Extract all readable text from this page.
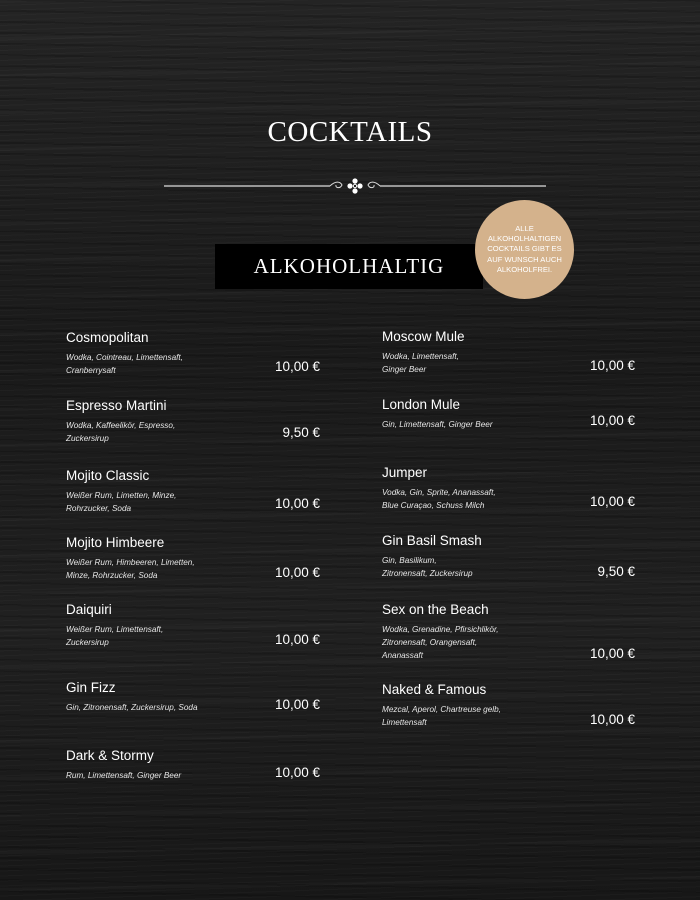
COCKTAILS
ALKOHOLHALTIG
ALLE ALKOHOLHALTIGEN COCKTAILS GIBT ES AUF WUNSCH AUCH ALKOHOLFREI.
Cosmopolitan
Wodka, Cointreau, Limettensaft,
Cranberrysaft	10,00 €
Espresso Martini
Wodka, Kaffeelikör, Espresso,
Zuckersirup	9,50 €
Mojito Classic
Weißer Rum, Limetten, Minze,
Rohrzucker, Soda	10,00 €
Mojito Himbeere
Weißer Rum, Himbeeren, Limetten,
Minze, Rohrzucker, Soda	10,00 €
Daiquiri
Weißer Rum, Limettensaft,
Zuckersirup	10,00 €
Gin Fizz
Gin, Zitronensaft, Zuckersirup, Soda	10,00 €
Dark & Stormy
Rum, Limettensaft, Ginger Beer	10,00 €
Moscow Mule
Wodka, Limettensaft,
Ginger Beer	10,00 €
London Mule
Gin, Limettensaft, Ginger Beer	10,00 €
Jumper
Vodka, Gin, Sprite, Ananassaft,
Blue Curaçao, Schuss Milch	10,00 €
Gin Basil Smash
Gin, Basilikum,
Zitronensaft, Zuckersirup	9,50 €
Sex on the Beach
Wodka, Grenadine, Pfirsichlikör,
Zitronensaft, Orangensaft,
Ananassaft	10,00 €
Naked & Famous
Mezcal, Aperol, Chartreuse gelb,
Limettensaft	10,00 €
